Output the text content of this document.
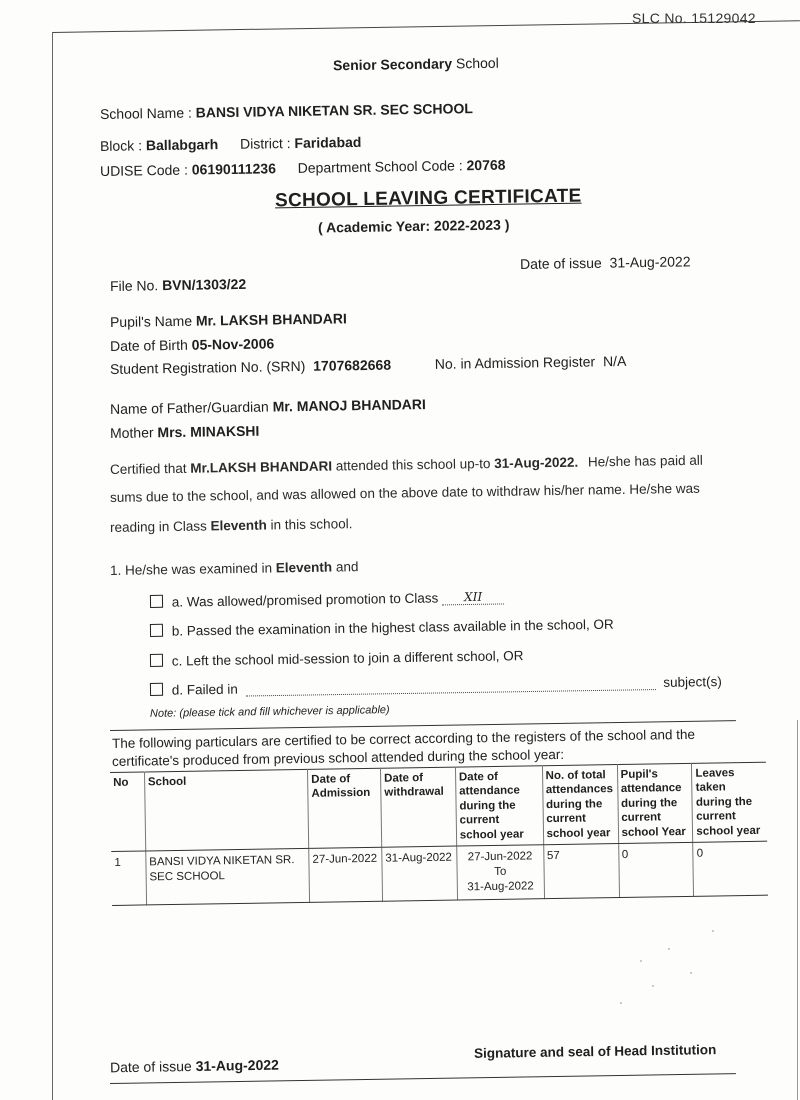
SLC No. 15129042
Senior Secondary School
School Name : BANSI VIDYA NIKETAN SR. SEC SCHOOL
Block : Ballabgarh District : Faridabad
UDISE Code : 06190111236 Department School Code : 20768
SCHOOL LEAVING CERTIFICATE
( Academic Year: 2022-2023 )
Date of issue 31-Aug-2022
File No. BVN/1303/22
Pupil's Name Mr. LAKSH BHANDARI
Date of Birth 05-Nov-2006
Student Registration No. (SRN) 1707682668	No. in Admission Register N/A
Name of Father/Guardian Mr. MANOJ BHANDARI
Mother Mrs. MINAKSHI
Certified that Mr.LAKSH BHANDARI attended this school up-to 31-Aug-2022. He/she has paid all
sums due to the school, and was allowed on the above date to withdraw his/her name. He/she was
reading in Class Eleventh in this school.
1. He/she was examined in Eleventh and
a. Was allowed/promised promotion to Class XII
b. Passed the examination in the highest class available in the school, OR
c. Left the school mid-session to join a different school, OR
d. Failed in	subject(s)
Note: (please tick and fill whichever is applicable)
The following particulars are certified to be correct according to the registers of the school and the
certificate's produced from previous school attended during the school year:
No	School	Date of Admission	Date of withdrawal	Date of attendance during the current school year	No. of total attendances during the current school year	Pupil's attendance during the current school Year	Leaves taken during the current school year
1	BANSI VIDYA NIKETAN SR. SEC SCHOOL	27-Jun-2022	31-Aug-2022	27-Jun-2022
To
31-Aug-2022	57	0	0
Signature and seal of Head Institution
Date of issue 31-Aug-2022
